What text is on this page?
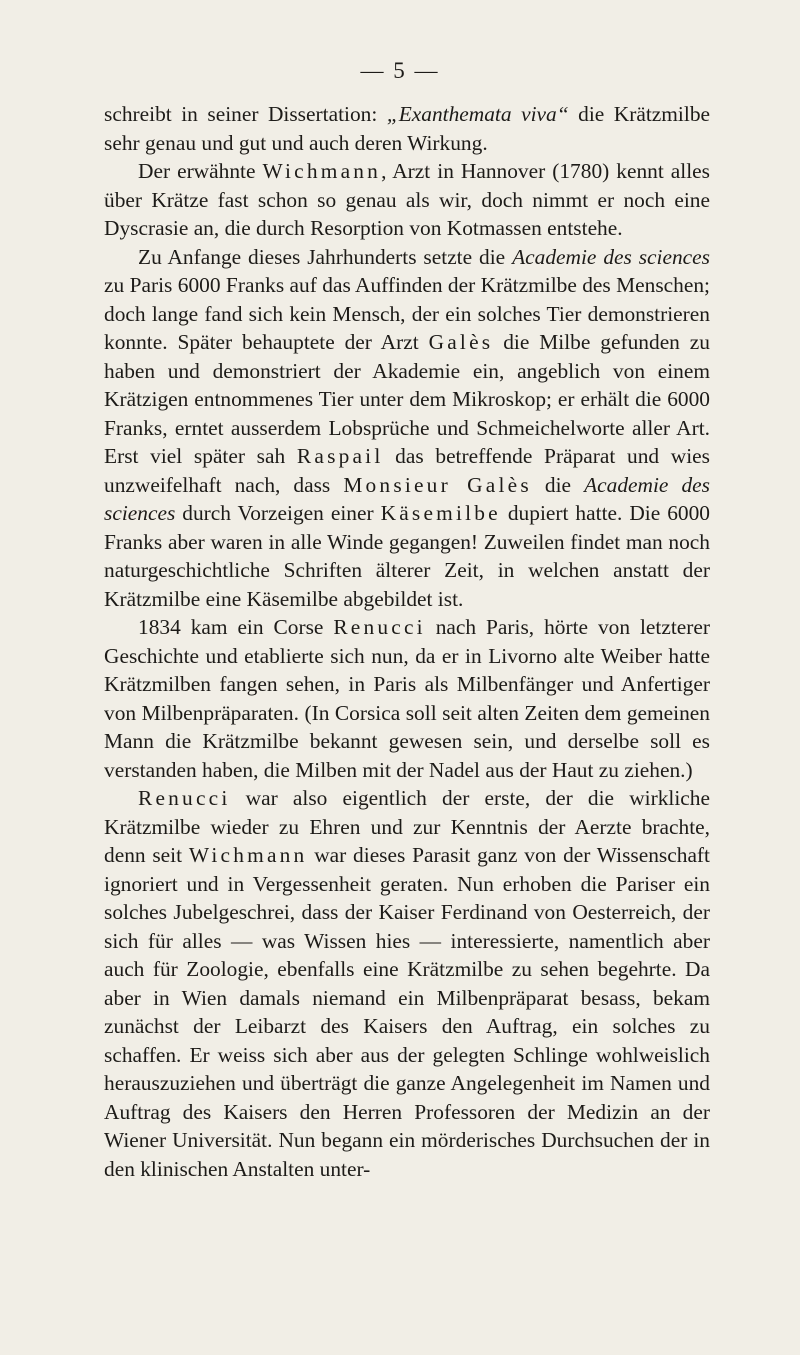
— 5 —

schreibt in seiner Dissertation: „Exanthemata viva“ die Krätzmilbe sehr genau und gut und auch deren Wirkung.

Der erwähnte Wichmann, Arzt in Hannover (1780) kennt alles über Krätze fast schon so genau als wir, doch nimmt er noch eine Dyscrasie an, die durch Resorption von Kotmassen entstehe.

Zu Anfange dieses Jahrhunderts setzte die Academie des sciences zu Paris 6000 Franks auf das Auffinden der Krätzmilbe des Menschen; doch lange fand sich kein Mensch, der ein solches Tier demonstrieren konnte. Später behauptete der Arzt Galès die Milbe gefunden zu haben und demonstriert der Akademie ein, angeblich von einem Krätzigen entnommenes Tier unter dem Mikroskop; er erhält die 6000 Franks, erntet ausserdem Lobsprüche und Schmeichelworte aller Art. Erst viel später sah Raspail das betreffende Präparat und wies unzweifelhaft nach, dass Monsieur Galès die Academie des sciences durch Vorzeigen einer Käsemilbe dupiert hatte. Die 6000 Franks aber waren in alle Winde gegangen! Zuweilen findet man noch naturgeschichtliche Schriften älterer Zeit, in welchen anstatt der Krätzmilbe eine Käsemilbe abgebildet ist.

1834 kam ein Corse Renucci nach Paris, hörte von letzterer Geschichte und etablierte sich nun, da er in Livorno alte Weiber hatte Krätzmilben fangen sehen, in Paris als Milbenfänger und Anfertiger von Milbenpräparaten. (In Corsica soll seit alten Zeiten dem gemeinen Mann die Krätzmilbe bekannt gewesen sein, und derselbe soll es verstanden haben, die Milben mit der Nadel aus der Haut zu ziehen.)

Renucci war also eigentlich der erste, der die wirkliche Krätzmilbe wieder zu Ehren und zur Kenntnis der Aerzte brachte, denn seit Wichmann war dieses Parasit ganz von der Wissenschaft ignoriert und in Vergessenheit geraten. Nun erhoben die Pariser ein solches Jubelgeschrei, dass der Kaiser Ferdinand von Oesterreich, der sich für alles — was Wissen hies — interessierte, namentlich aber auch für Zoologie, ebenfalls eine Krätzmilbe zu sehen begehrte. Da aber in Wien damals niemand ein Milbenpräparat besass, bekam zunächst der Leibarzt des Kaisers den Auftrag, ein solches zu schaffen. Er weiss sich aber aus der gelegten Schlinge wohlweislich herauszuziehen und überträgt die ganze Angelegenheit im Namen und Auftrag des Kaisers den Herren Professoren der Medizin an der Wiener Universität. Nun begann ein mörderisches Durchsuchen der in den klinischen Anstalten unter-
